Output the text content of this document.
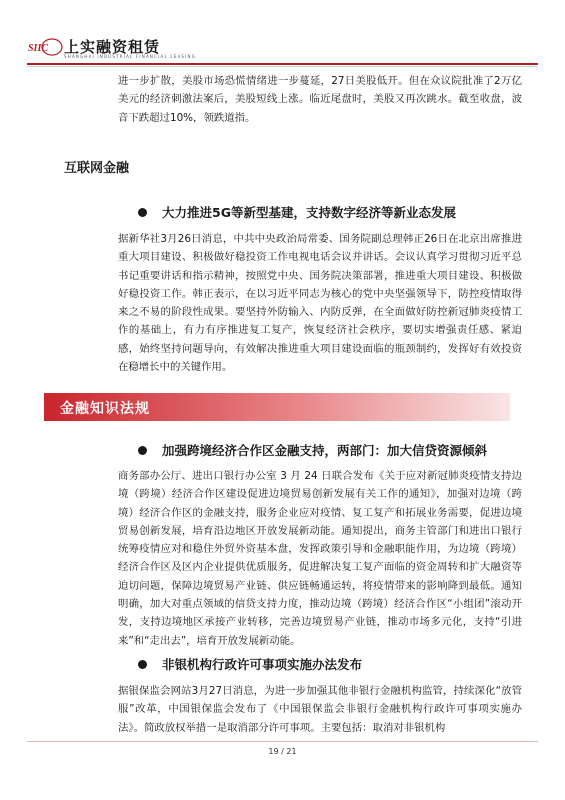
SIIC 上实融资租赁
SHANGHAI INDUSTRIAL FINANCIAL LEASING

进一步扩散，美股市场恐慌情绪进一步蔓延，27日美股低开。但在众议院批准了2万亿美元的经济刺激法案后，美股短线上涨。临近尾盘时，美股又再次跳水。截至收盘，波音下跌超过10%，领跌道指。

互联网金融
大力推进5G等新型基建，支持数字经济等新业态发展

据新华社3月26日消息，中共中央政治局常委、国务院副总理韩正26日在北京出席推进重大项目建设、积极做好稳投资工作电视电话会议并讲话。会议认真学习贯彻习近平总书记重要讲话和指示精神，按照党中央、国务院决策部署，推进重大项目建设、积极做好稳投资工作。韩正表示，在以习近平同志为核心的党中央坚强领导下，防控疫情取得来之不易的阶段性成果。要坚持外防输入、内防反弹，在全面做好防控新冠肺炎疫情工作的基础上，有力有序推进复工复产，恢复经济社会秩序，要切实增强责任感、紧迫感，始终坚持问题导向，有效解决推进重大项目建设面临的瓶颈制约，发挥好有效投资在稳增长中的关键作用。

金融知识法规
加强跨境经济合作区金融支持，两部门：加大信贷资源倾斜

商务部办公厅、进出口银行办公室 3 月 24 日联合发布《关于应对新冠肺炎疫情支持边境（跨境）经济合作区建设促进边境贸易创新发展有关工作的通知》，加强对边境（跨境）经济合作区的金融支持，服务企业应对疫情、复工复产和拓展业务需要，促进边境贸易创新发展，培育沿边地区开放发展新动能。通知提出，商务主管部门和进出口银行统筹疫情应对和稳住外贸外资基本盘，发挥政策引导和金融职能作用，为边境（跨境）经济合作区及区内企业提供优质服务，促进解决复工复产面临的资金周转和扩大融资等迫切问题，保障边境贸易产业链、供应链畅通运转，将疫情带来的影响降到最低。通知明确，加大对重点领域的信贷支持力度，推动边境（跨境）经济合作区“小组团”滚动开发，支持边境地区承接产业转移，完善边境贸易产业链，推动市场多元化，支持“引进来”和“走出去”，培育开放发展新动能。

非银机构行政许可事项实施办法发布

据银保监会网站3月27日消息，为进一步加强其他非银行金融机构监管，持续深化“放管服”改革，中国银保监会发布了《中国银保监会非银行金融机构行政许可事项实施办法》。简政放权举措一是取消部分许可事项。主要包括：取消对非银机构

19 / 21
